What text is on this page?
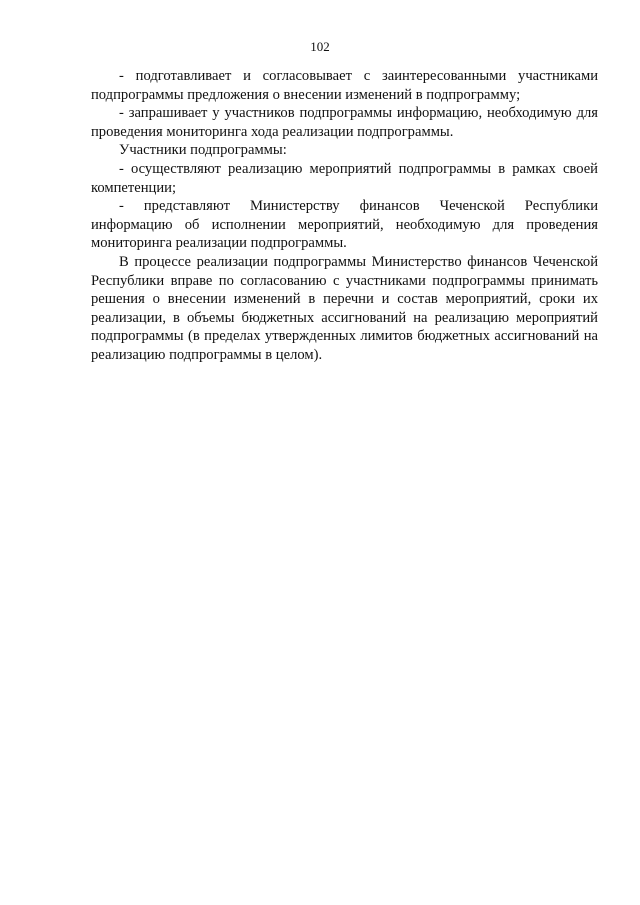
102

- подготавливает и согласовывает с заинтересованными участниками подпрограммы предложения о внесении изменений в подпрограмму;

- запрашивает у участников подпрограммы информацию, необходимую для проведения мониторинга хода реализации подпрограммы.

Участники подпрограммы:

- осуществляют реализацию мероприятий подпрограммы в рамках своей компетенции;

- представляют Министерству финансов Чеченской Республики информацию об исполнении мероприятий, необходимую для проведения мониторинга реализации подпрограммы.

В процессе реализации подпрограммы Министерство финансов Чеченской Республики вправе по согласованию с участниками подпрограммы принимать решения о внесении изменений в перечни и состав мероприятий, сроки их реализации, в объемы бюджетных ассигнований на реализацию мероприятий подпрограммы (в пределах утвержденных лимитов бюджетных ассигнований на реализацию подпрограммы в целом).
